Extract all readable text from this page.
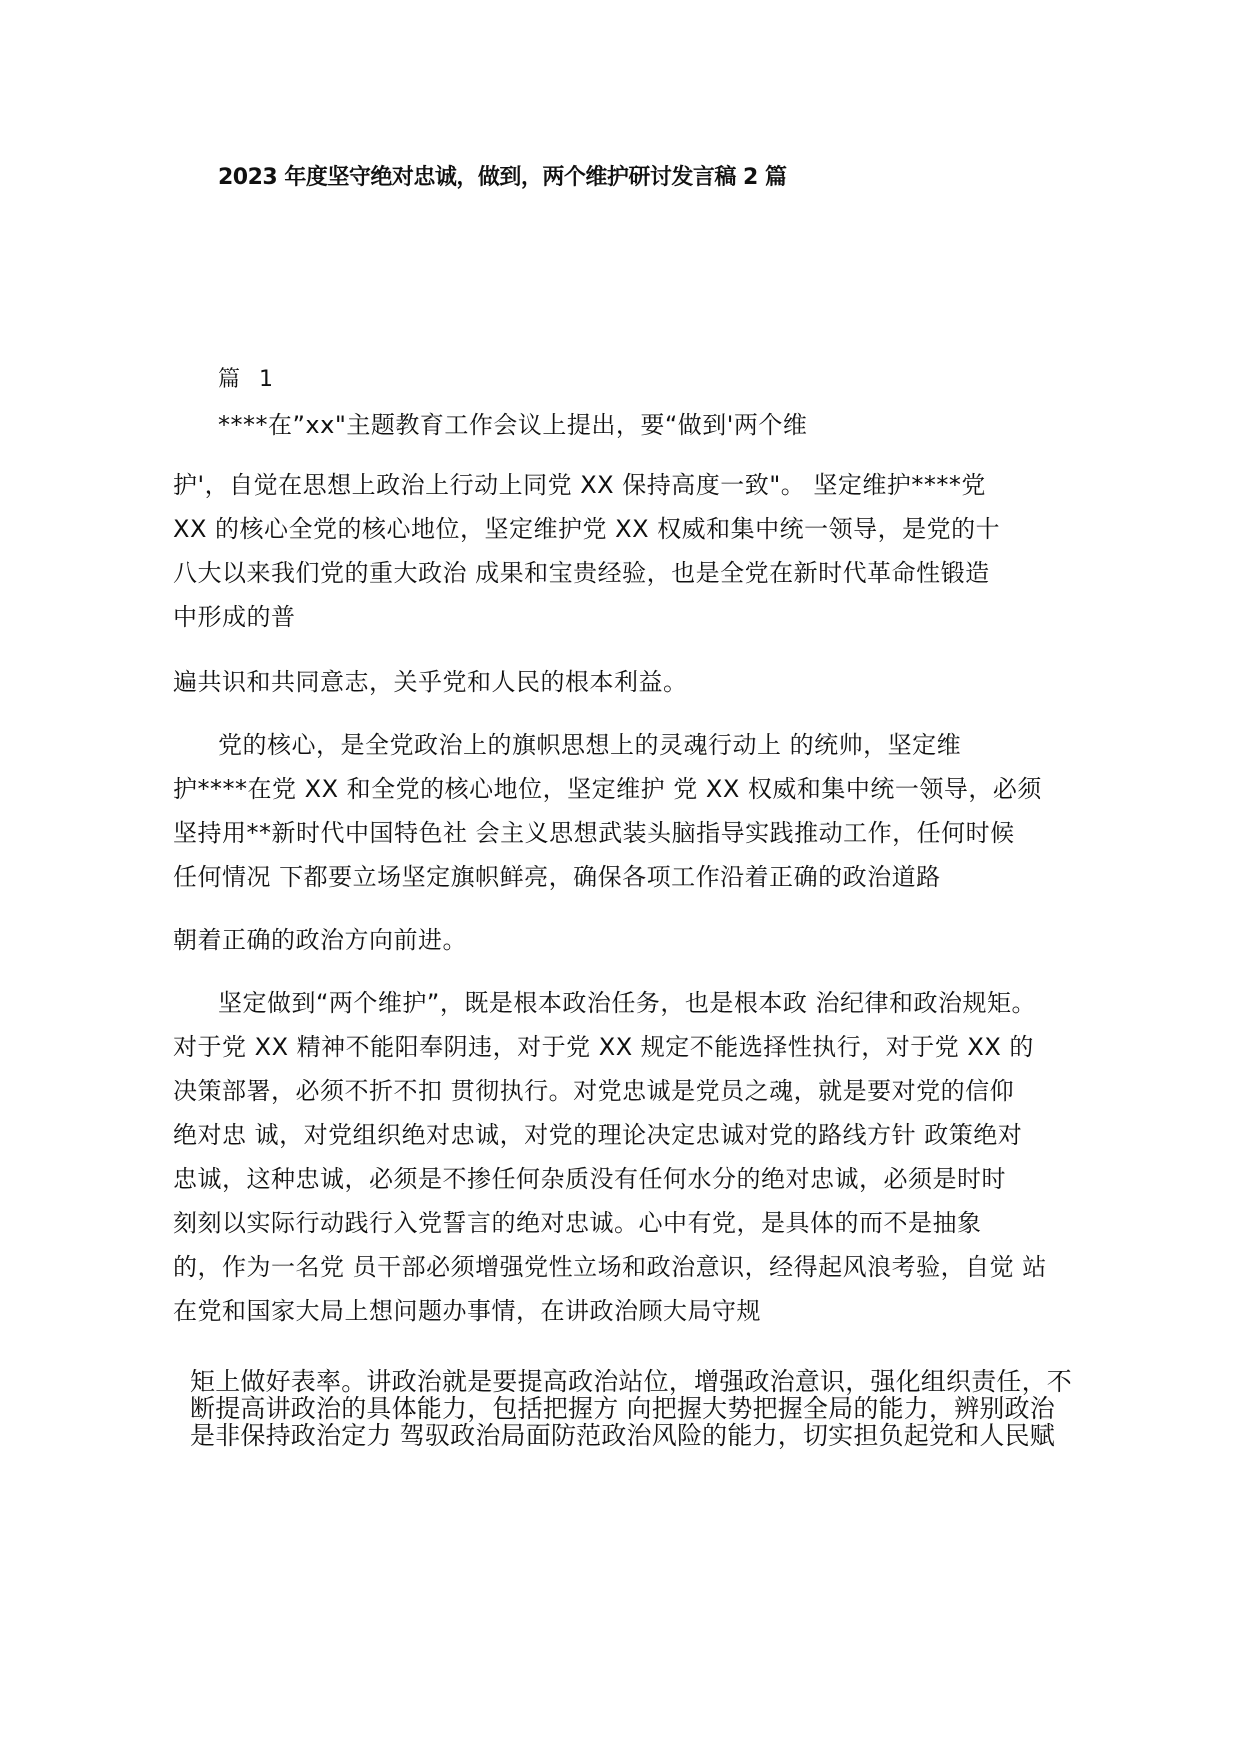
2023 年度坚守绝对忠诚，做到，两个维护研讨发言稿 2 篇
篇 1
****在”xx"主题教育工作会议上提出，要“做到'两个维
护'，自觉在思想上政治上行动上同党 XX 保持高度一致"。 坚定维护****党
XX 的核心全党的核心地位，坚定维护党 XX 权威和集中统一领导，是党的十
八大以来我们党的重大政治 成果和宝贵经验，也是全党在新时代革命性锻造
中形成的普
遍共识和共同意志，关乎党和人民的根本利益。
党的核心，是全党政治上的旗帜思想上的灵魂行动上 的统帅，坚定维
护****在党 XX 和全党的核心地位，坚定维护 党 XX 权威和集中统一领导，必须
坚持用**新时代中国特色社 会主义思想武装头脑指导实践推动工作，任何时候
任何情况 下都要立场坚定旗帜鲜亮，确保各项工作沿着正确的政治道路
朝着正确的政治方向前进。
坚定做到“两个维护”，既是根本政治任务，也是根本政 治纪律和政治规矩。
对于党 XX 精神不能阳奉阴违，对于党 XX 规定不能选择性执行，对于党 XX 的
决策部署，必须不折不扣 贯彻执行。对党忠诚是党员之魂，就是要对党的信仰
绝对忠 诚，对党组织绝对忠诚，对党的理论决定忠诚对党的路线方针 政策绝对
忠诚，这种忠诚，必须是不掺任何杂质没有任何水分的绝对忠诚，必须是时时
刻刻以实际行动践行入党誓言的绝对忠诚。心中有党，是具体的而不是抽象
的，作为一名党 员干部必须增强党性立场和政治意识，经得起风浪考验，自觉 站
在党和国家大局上想问题办事情，在讲政治顾大局守规
矩上做好表率。讲政治就是要提高政治站位，增强政治意识，强化组织责任，不
断提高讲政治的具体能力，包括把握方 向把握大势把握全局的能力，辨别政治
是非保持政治定力 驾驭政治局面防范政治风险的能力，切实担负起党和人民赋
